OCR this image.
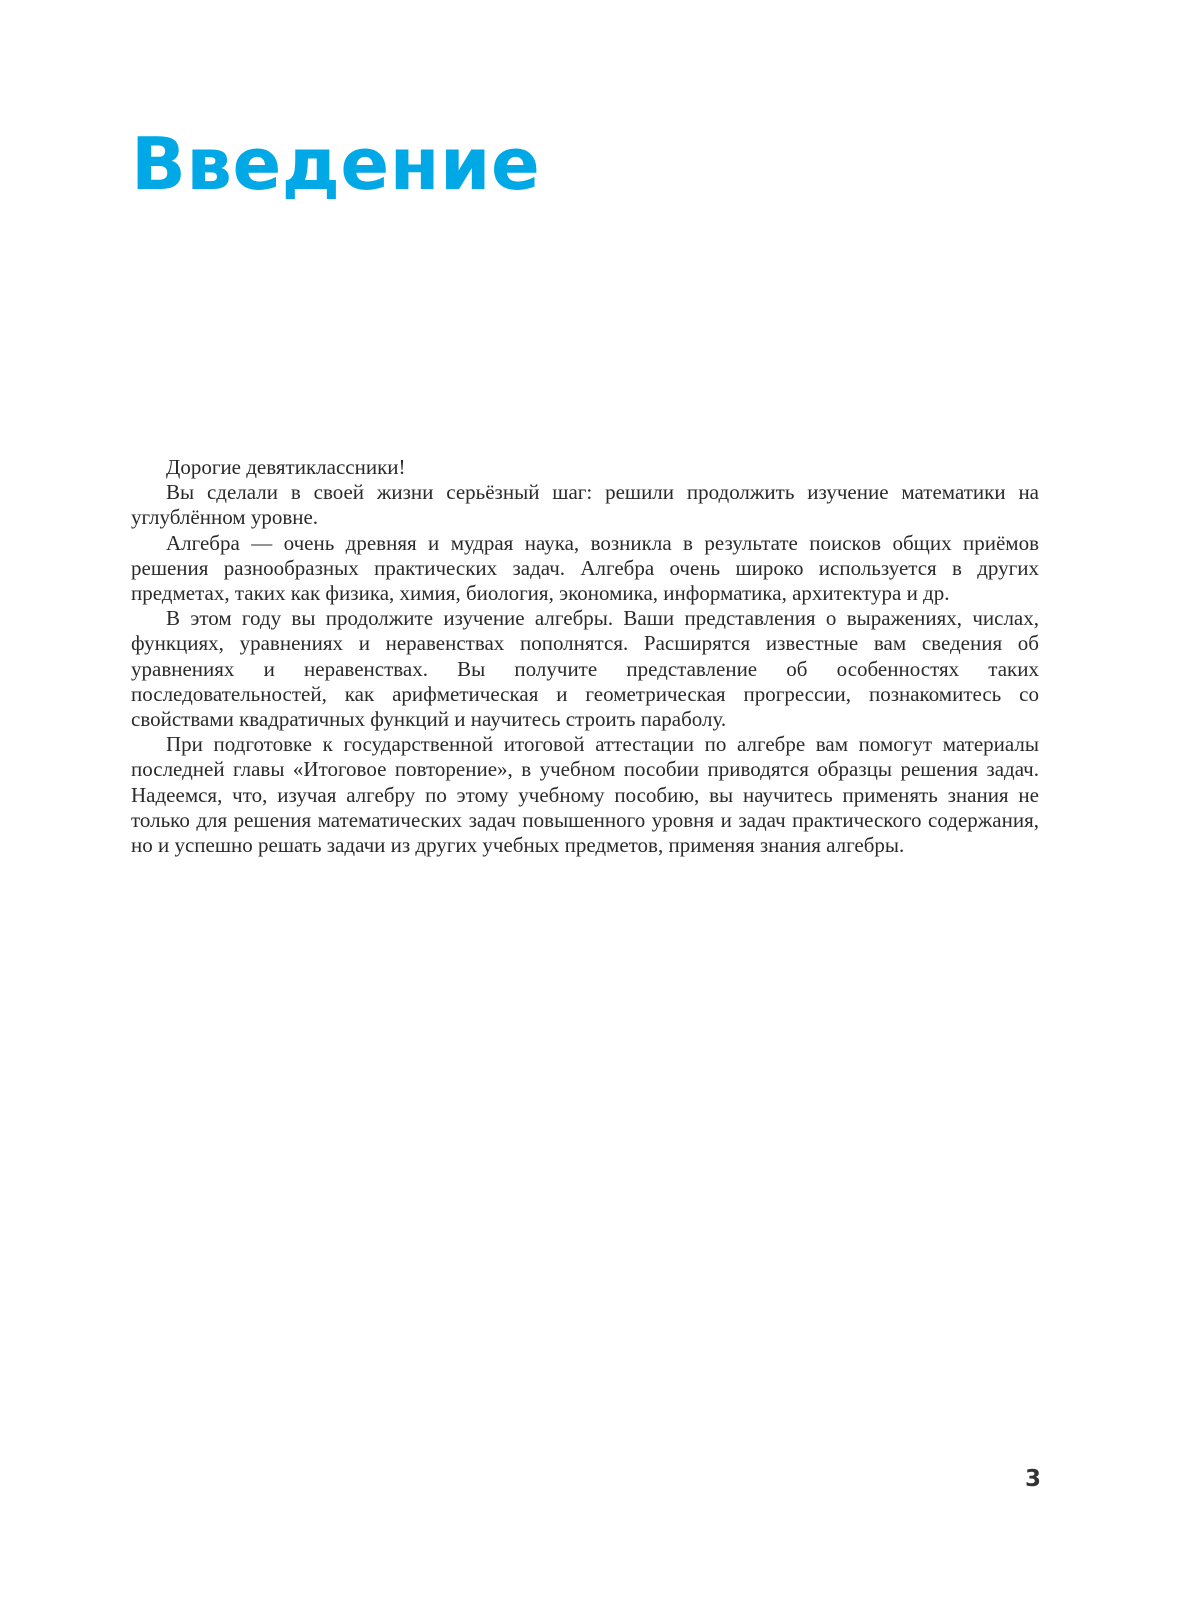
Введение

Дорогие девятиклассники!

Вы сделали в своей жизни серьёзный шаг: решили продолжить изучение математики на углублённом уровне.

Алгебра — очень древняя и мудрая наука, возникла в результате поисков общих приёмов решения разнообразных практических задач. Алгебра очень широко используется в других предметах, таких как физика, химия, биология, экономика, информатика, архитектура и др.

В этом году вы продолжите изучение алгебры. Ваши представления о выражениях, числах, функциях, уравнениях и неравенствах пополнятся. Расширятся известные вам сведения об уравнениях и неравенствах. Вы получите представление об особенностях таких последовательностей, как арифметическая и геометрическая прогрессии, познакомитесь со свойствами квадратичных функций и научитесь строить параболу.

При подготовке к государственной итоговой аттестации по алгебре вам помогут материалы последней главы «Итоговое повторение», в учебном пособии приводятся образцы решения задач. Надеемся, что, изучая алгебру по этому учебному пособию, вы научитесь применять знания не только для решения математических задач повышенного уровня и задач практического содержания, но и успешно решать задачи из других учебных предметов, применяя знания алгебры.

3
